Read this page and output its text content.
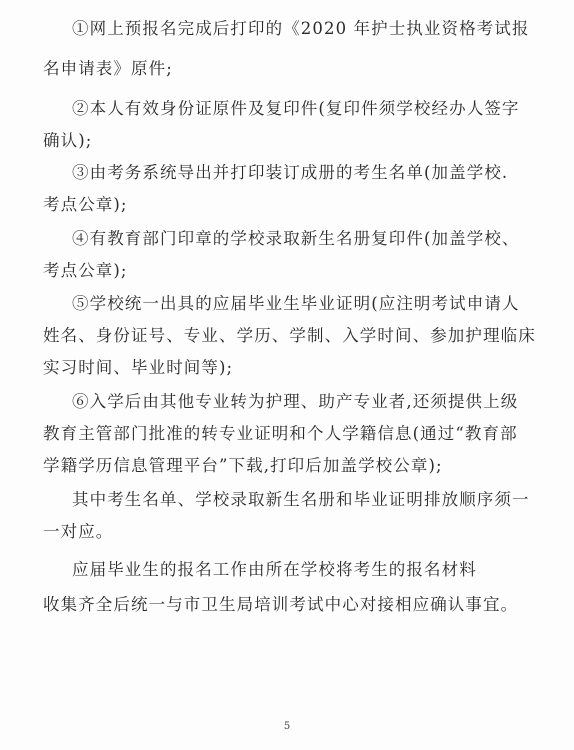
①网上预报名完成后打印的《2020 年护士执业资格考试报
名申请表》原件;
②本人有效身份证原件及复印件(复印件须学校经办人签字
确认);
③由考务系统导出并打印装订成册的考生名单(加盖学校.
考点公章);
④有教育部门印章的学校录取新生名册复印件(加盖学校、
考点公章);
⑤学校统一出具的应届毕业生毕业证明(应注明考试申请人
姓名、身份证号、专业、学历、学制、入学时间、参加护理临床
实习时间、毕业时间等);
⑥入学后由其他专业转为护理、助产专业者,还须提供上级
教育主管部门批准的转专业证明和个人学籍信息(通过“教育部
学籍学历信息管理平台”下载,打印后加盖学校公章);
其中考生名单、学校录取新生名册和毕业证明排放顺序须一
一对应。
应届毕业生的报名工作由所在学校将考生的报名材料
收集齐全后统一与市卫生局培训考试中心对接相应确认事宜。
5
